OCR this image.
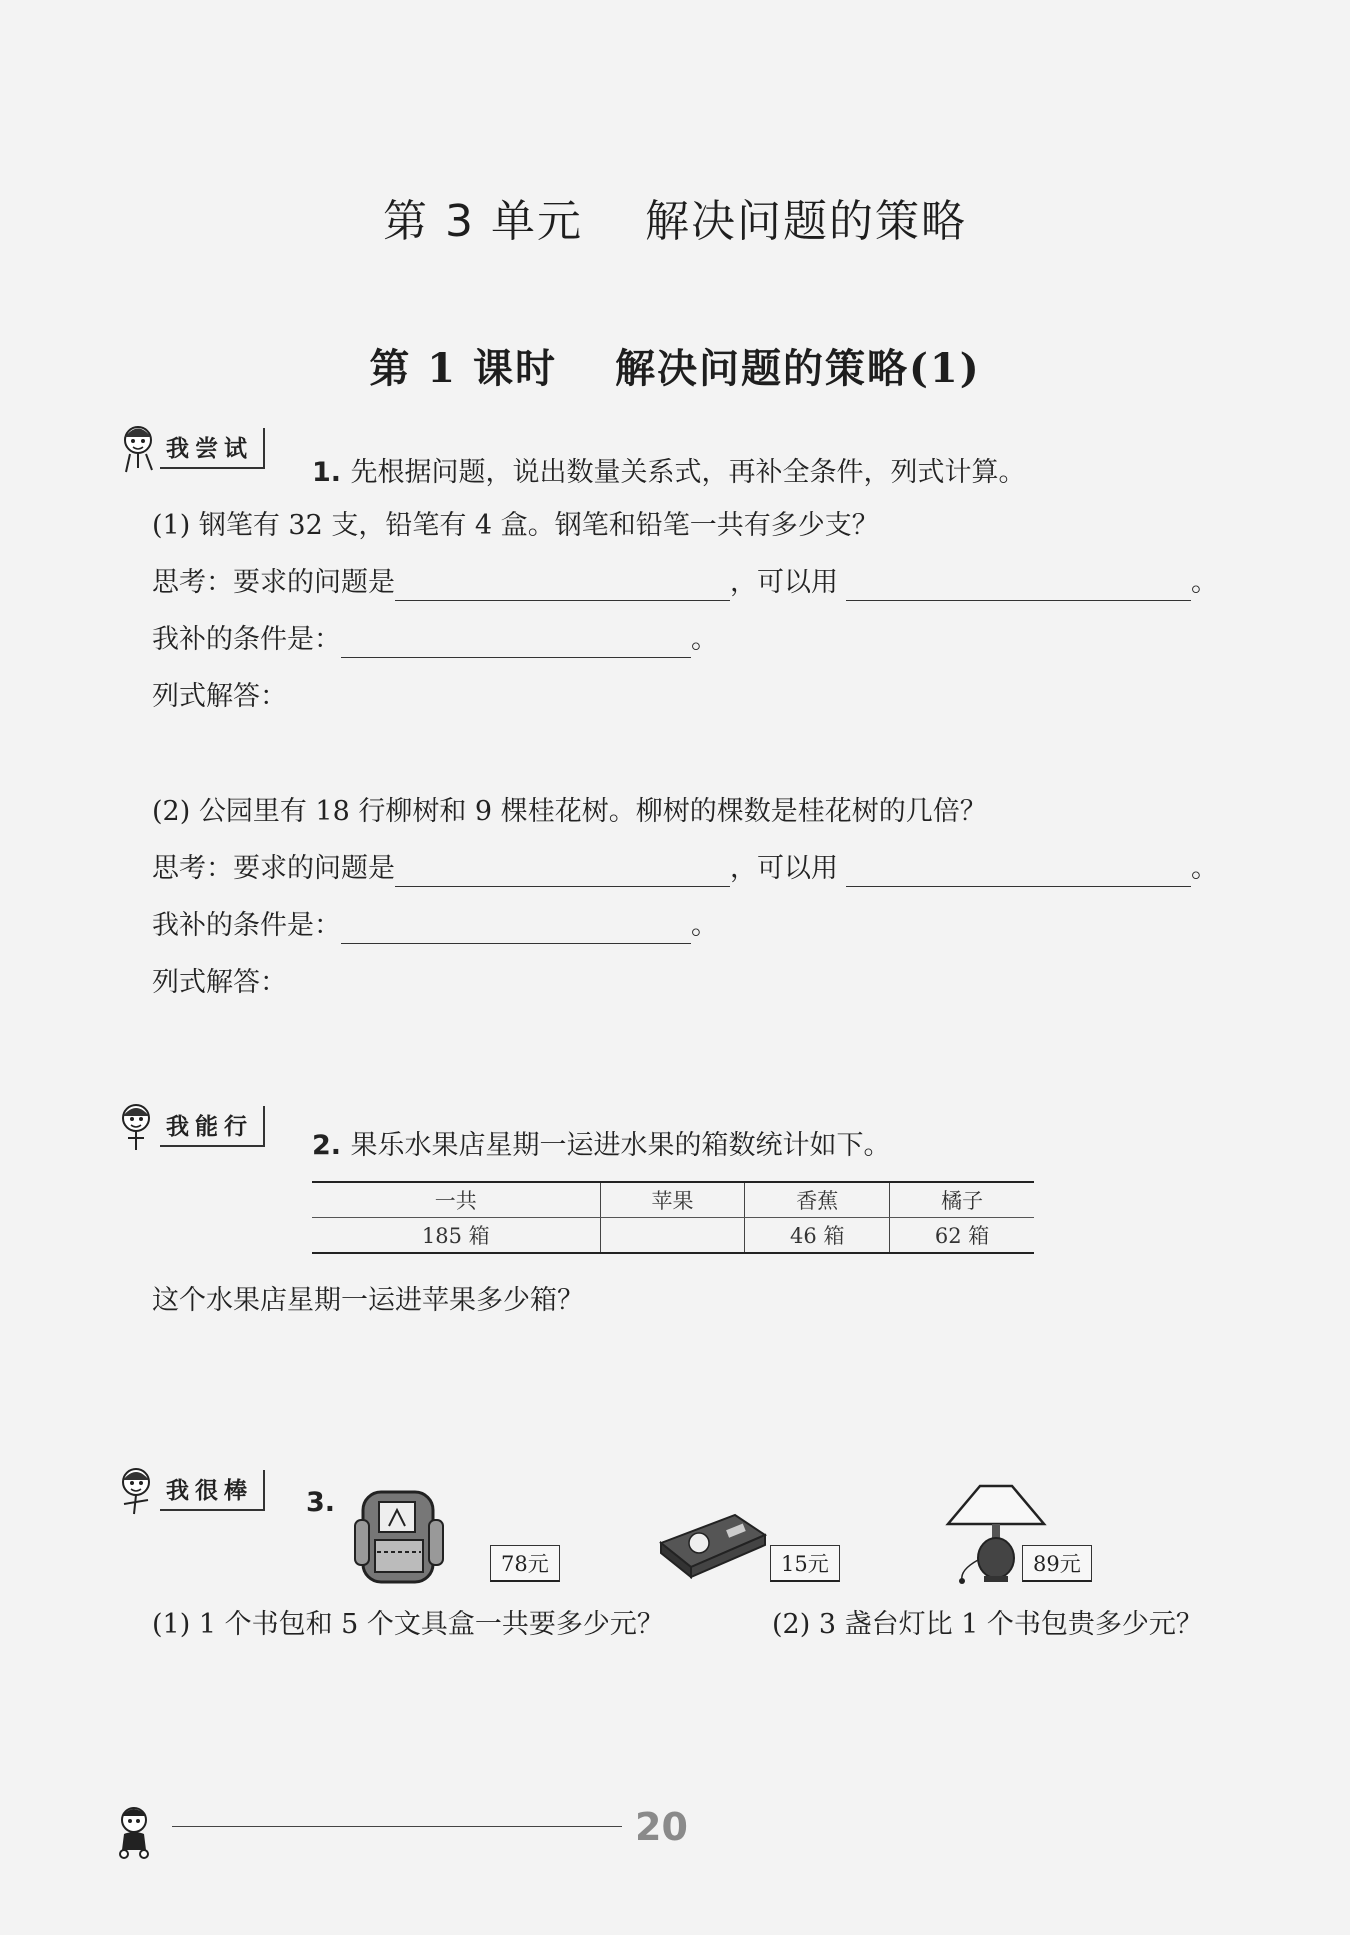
第 3 单元　 解决问题的策略
第 1 课时　 解决问题的策略(1)
我尝试
1. 先根据问题，说出数量关系式，再补全条件，列式计算。
(1) 钢笔有 32 支，铅笔有 4 盒。钢笔和铅笔一共有多少支？
思考：要求的问题是	，可以用	。
我补的条件是：	。
列式解答：
(2) 公园里有 18 行柳树和 9 棵桂花树。柳树的棵数是桂花树的几倍？
思考：要求的问题是	，可以用	。
我补的条件是：	。
列式解答：
我能行
2. 果乐水果店星期一运进水果的箱数统计如下。
一共	苹果	香蕉	橘子
185 箱		46 箱	62 箱
这个水果店星期一运进苹果多少箱？
我很棒	3.
78元	15元	89元
(1) 1 个书包和 5 个文具盒一共要多少元？	(2) 3 盏台灯比 1 个书包贵多少元？
20
